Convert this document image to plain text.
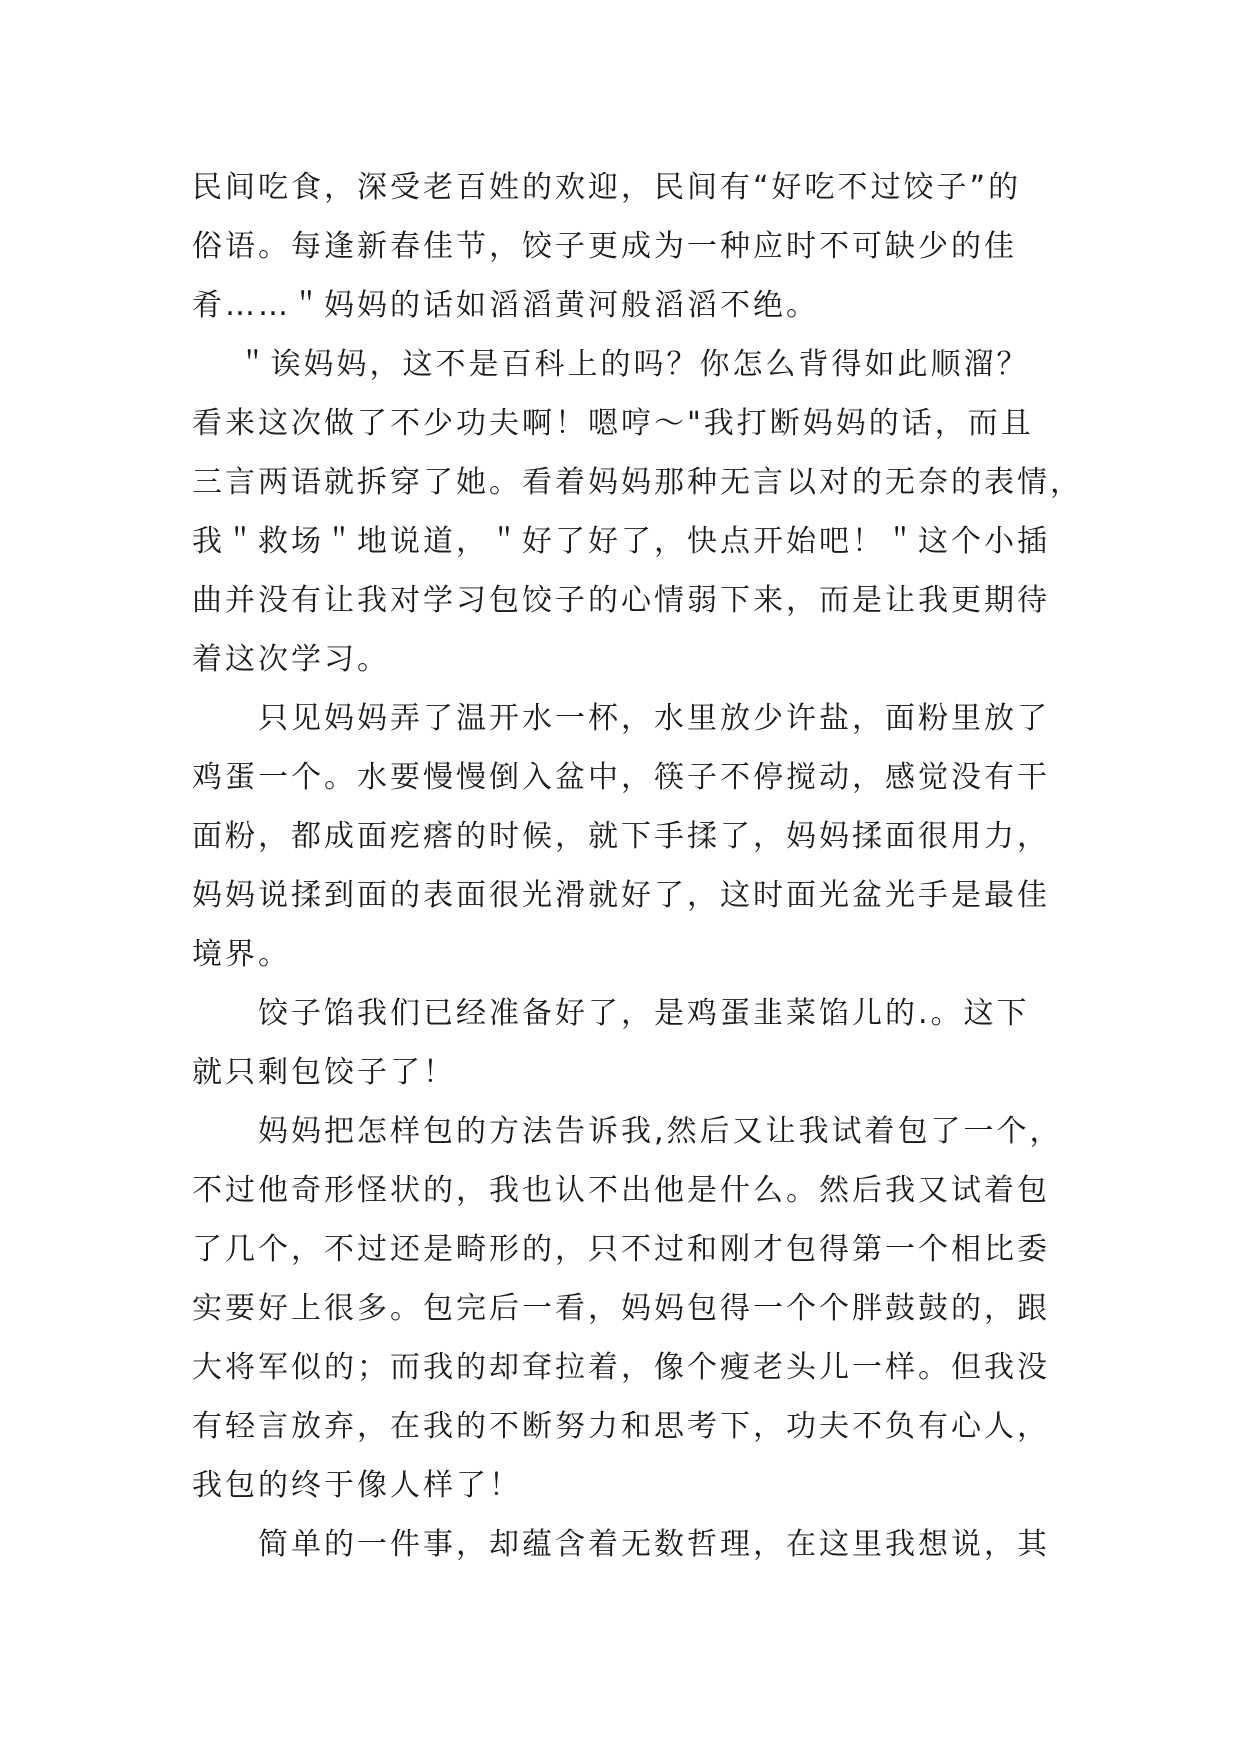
民间吃食，深受老百姓的欢迎，民间有“好吃不过饺子”的
俗语。每逢新春佳节，饺子更成为一种应时不可缺少的佳
肴……＂妈妈的话如滔滔黄河般滔滔不绝。
　 ＂诶妈妈，这不是百科上的吗？你怎么背得如此顺溜？
看来这次做了不少功夫啊！嗯哼～"我打断妈妈的话，而且
三言两语就拆穿了她。看着妈妈那种无言以对的无奈的表情，
我＂救场＂地说道，＂好了好了，快点开始吧！＂这个小插
曲并没有让我对学习包饺子的心情弱下来，而是让我更期待
着这次学习。
　　只见妈妈弄了温开水一杯，水里放少许盐，面粉里放了
鸡蛋一个。水要慢慢倒入盆中，筷子不停搅动，感觉没有干
面粉，都成面疙瘩的时候，就下手揉了，妈妈揉面很用力，
妈妈说揉到面的表面很光滑就好了，这时面光盆光手是最佳
境界。
　　饺子馅我们已经准备好了，是鸡蛋韭菜馅儿的.。这下
就只剩包饺子了！
　　妈妈把怎样包的方法告诉我,然后又让我试着包了一个，
不过他奇形怪状的，我也认不出他是什么。然后我又试着包
了几个，不过还是畸形的，只不过和刚才包得第一个相比委
实要好上很多。包完后一看，妈妈包得一个个胖鼓鼓的，跟
大将军似的；而我的却耷拉着，像个瘦老头儿一样。但我没
有轻言放弃，在我的不断努力和思考下，功夫不负有心人，
我包的终于像人样了！
　　简单的一件事，却蕴含着无数哲理，在这里我想说，其
